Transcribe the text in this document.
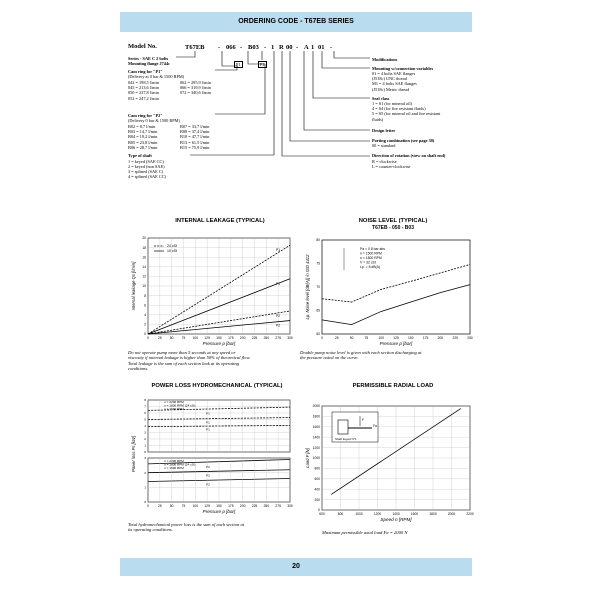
ORDERING CODE - T67EB SERIES
Model No.	T67EB - 066 - B03 - 1 R 00 - A 1 01 -
Series - SAE C 2 bolts
Mounting flange J744c	P1	P2
Cam ring for "P1"
(Delivery at 0 bar & 1500 RPM)
042 = 198,5 l/min	062 = 295,9 l/min
045 = 213,6 l/min	066 = 319,9 l/min
050 = 237,8 l/min	072 = 340,6 l/min
052 = 247,2 l/min
Cam ring for "P2"
(Delivery 0 bar & 1500 RPM)
B02 = 8,7 l/min	B07 = 33,7 l/min
B03 = 14,7 l/min	B08 = 37,4 l/min
B04 = 19,2 l/min	B10 = 47,7 l/min
B05 = 23,8 l/min	B13 = 61,5 l/min
B06 = 28,7 l/min	B15 = 75,9 l/min
Type of shaft
1 = keyed (SAE CC)
2 = keyed (non SAE)
3 = splined (SAE C)
4 = splined (SAE CC)
Modifications
Mounting w/connection variables
01 = 4 bolts SAE flanges
(J518c) UNC thread
M1 = 4 bolts SAE flanges
(J518c) Metric thread
Seal class
1 = S1 (for mineral oil)
4 = S4 (for fire resistant fluids)
5 = S5 (for mineral oil and fire resistant
fluids)
Design letter
Porting combination (see page 30)
00 = standard
Direction of rotation (view on shaft end)
R = clockwise
L = counter-clockwise
INTERNAL LEAKAGE (TYPICAL)	NOISE LEVEL (TYPICAL)
T67EB - 050 - B03
POWER LOSS HYDROMECHANICAL (TYPICAL)	PERMISSIBLE RADIAL LOAD
0	25 50 75 100 125 150 175 200 225 250 275 300
0
2
4
6
8
10
12
14
16
18
20
Pressure p [bar]
Internal leakage Qs [l/min]
P1
P1
P2
P2
24 cSt
10 cSt
0	25	50	75	100	125	150	175	200	225	250
60
65
70
75
80
Pressure p [bar]
Lp. Noise level [dB(A)] in ISO 4412
Pa = 0.8 bar abs
n = 1500 RPM
n = 1800 RPM
V = 32 cSt
Lp. = 8 dB(A)
0
1
2
3
4
5
6
7
8
P1
P1
P1
n = 2200 RPM
n = 1800 RPM (24 cSt)
n = 1500 RPM
0
1
2
3
P2
P2
P2
n = 2200 RPM
n = 1800 RPM (24 cSt)
n = 1500 RPM
0	25 50 75 100 125 150 175 200 225 250 275 300
Pressure p [bar]
Power loss Ps [kW]
600	800	1000	1200	1400	1600	1800	2000	2200
0
200
400
600
800
1000
1200
1400
1600
1800
2000
Speed n [RPM]
Load F [N]
F
Fa
Shaft keyed N°1
Do not operate pump more than 5 seconds at any speed or
viscosity if internal leakage is higher than 50% of theoretical flow.
Total leakage is the sum of each section leak at its operating
conditions.
Double pump noise level is given with each section discharging at
the pressure noted on the curve.
Total hydromechanical power loss is the sum of each section at
its operating conditions.
Maximum permissible axial load Fa = 2000 N
20
